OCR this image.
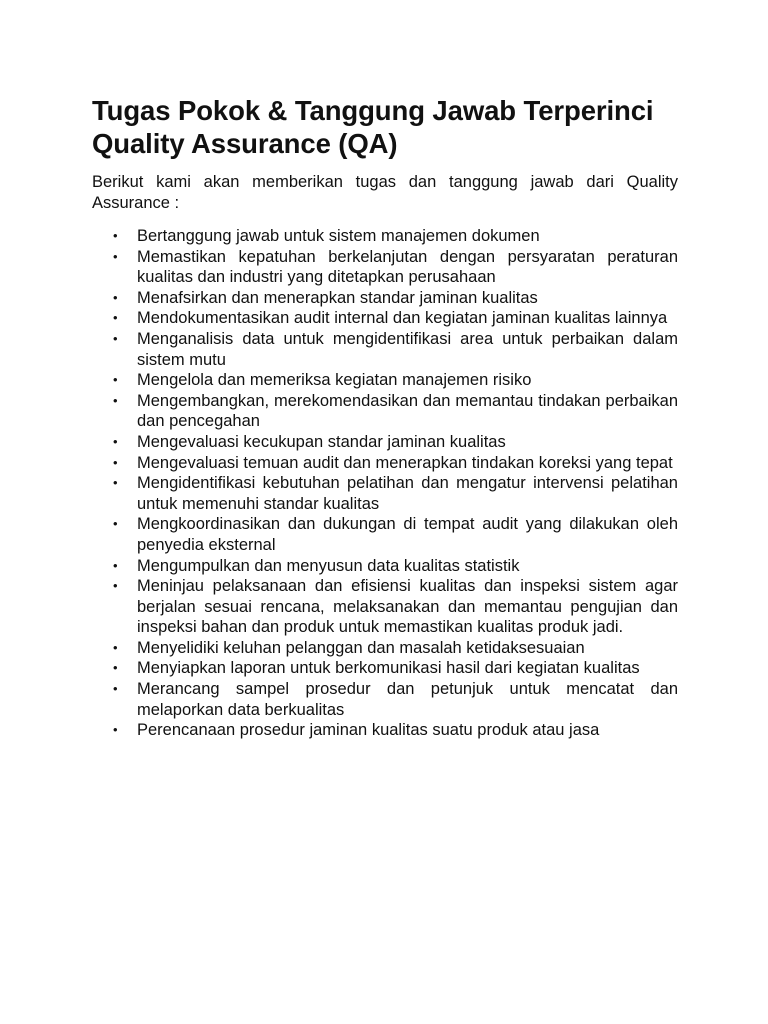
Tugas Pokok & Tanggung Jawab Terperinci Quality Assurance (QA)

Berikut kami akan memberikan tugas dan tanggung jawab dari Quality Assurance :

• Bertanggung jawab untuk sistem manajemen dokumen
• Memastikan kepatuhan berkelanjutan dengan persyaratan peraturan kualitas dan industri yang ditetapkan perusahaan
• Menafsirkan dan menerapkan standar jaminan kualitas
• Mendokumentasikan audit internal dan kegiatan jaminan kualitas lainnya
• Menganalisis data untuk mengidentifikasi area untuk perbaikan dalam sistem mutu
• Mengelola dan memeriksa kegiatan manajemen risiko
• Mengembangkan, merekomendasikan dan memantau tindakan perbaikan dan pencegahan
• Mengevaluasi kecukupan standar jaminan kualitas
• Mengevaluasi temuan audit dan menerapkan tindakan koreksi yang tepat
• Mengidentifikasi kebutuhan pelatihan dan mengatur intervensi pelatihan untuk memenuhi standar kualitas
• Mengkoordinasikan dan dukungan di tempat audit yang dilakukan oleh penyedia eksternal
• Mengumpulkan dan menyusun data kualitas statistik
• Meninjau pelaksanaan dan efisiensi kualitas dan inspeksi sistem agar berjalan sesuai rencana, melaksanakan dan memantau pengujian dan inspeksi bahan dan produk untuk memastikan kualitas produk jadi.
• Menyelidiki keluhan pelanggan dan masalah ketidaksesuaian
• Menyiapkan laporan untuk berkomunikasi hasil dari kegiatan kualitas
• Merancang sampel prosedur dan petunjuk untuk mencatat dan melaporkan data berkualitas
• Perencanaan prosedur jaminan kualitas suatu produk atau jasa
